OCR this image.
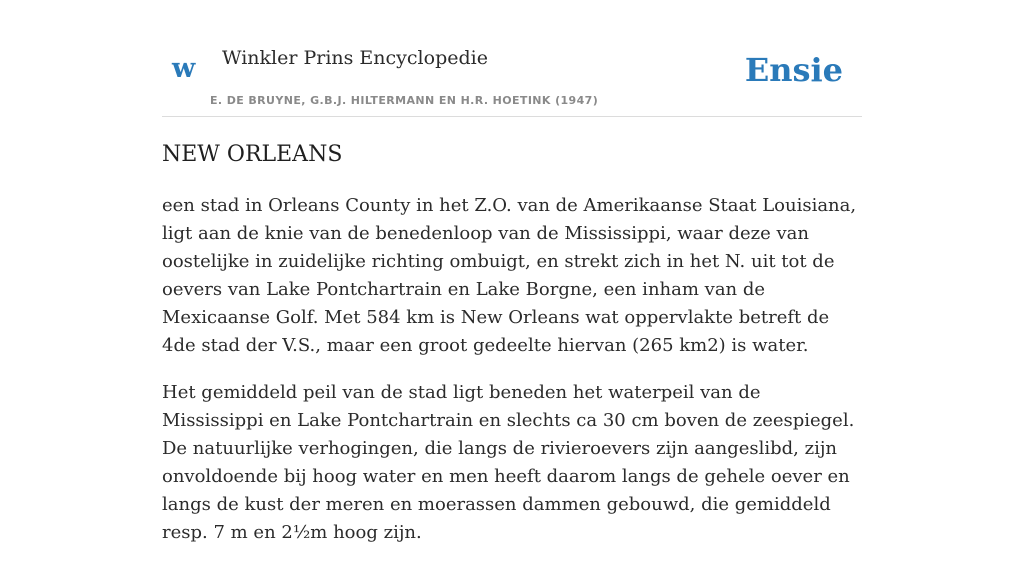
w Winkler Prins Encyclopedie
E. DE BRUYNE, G.B.J. HILTERMANN EN H.R. HOETINK (1947)
Ensie
NEW ORLEANS

een stad in Orleans County in het Z.O. van de Amerikaanse Staat Louisiana, ligt aan de knie van de benedenloop van de Mississippi, waar deze van oostelijke in zuidelijke richting ombuigt, en strekt zich in het N. uit tot de oevers van Lake Pontchartrain en Lake Borgne, een inham van de Mexicaanse Golf. Met 584 km is New Orleans wat oppervlakte betreft de 4de stad der V.S., maar een groot gedeelte hiervan (265 km2) is water.

Het gemiddeld peil van de stad ligt beneden het waterpeil van de Mississippi en Lake Pontchartrain en slechts ca 30 cm boven de zeespiegel. De natuurlijke verhogingen, die langs de rivieroevers zijn aangeslibd, zijn onvoldoende bij hoog water en men heeft daarom langs de gehele oever en langs de kust der meren en moerassen dammen gebouwd, die gemiddeld resp. 7 m en 2½m hoog zijn.
